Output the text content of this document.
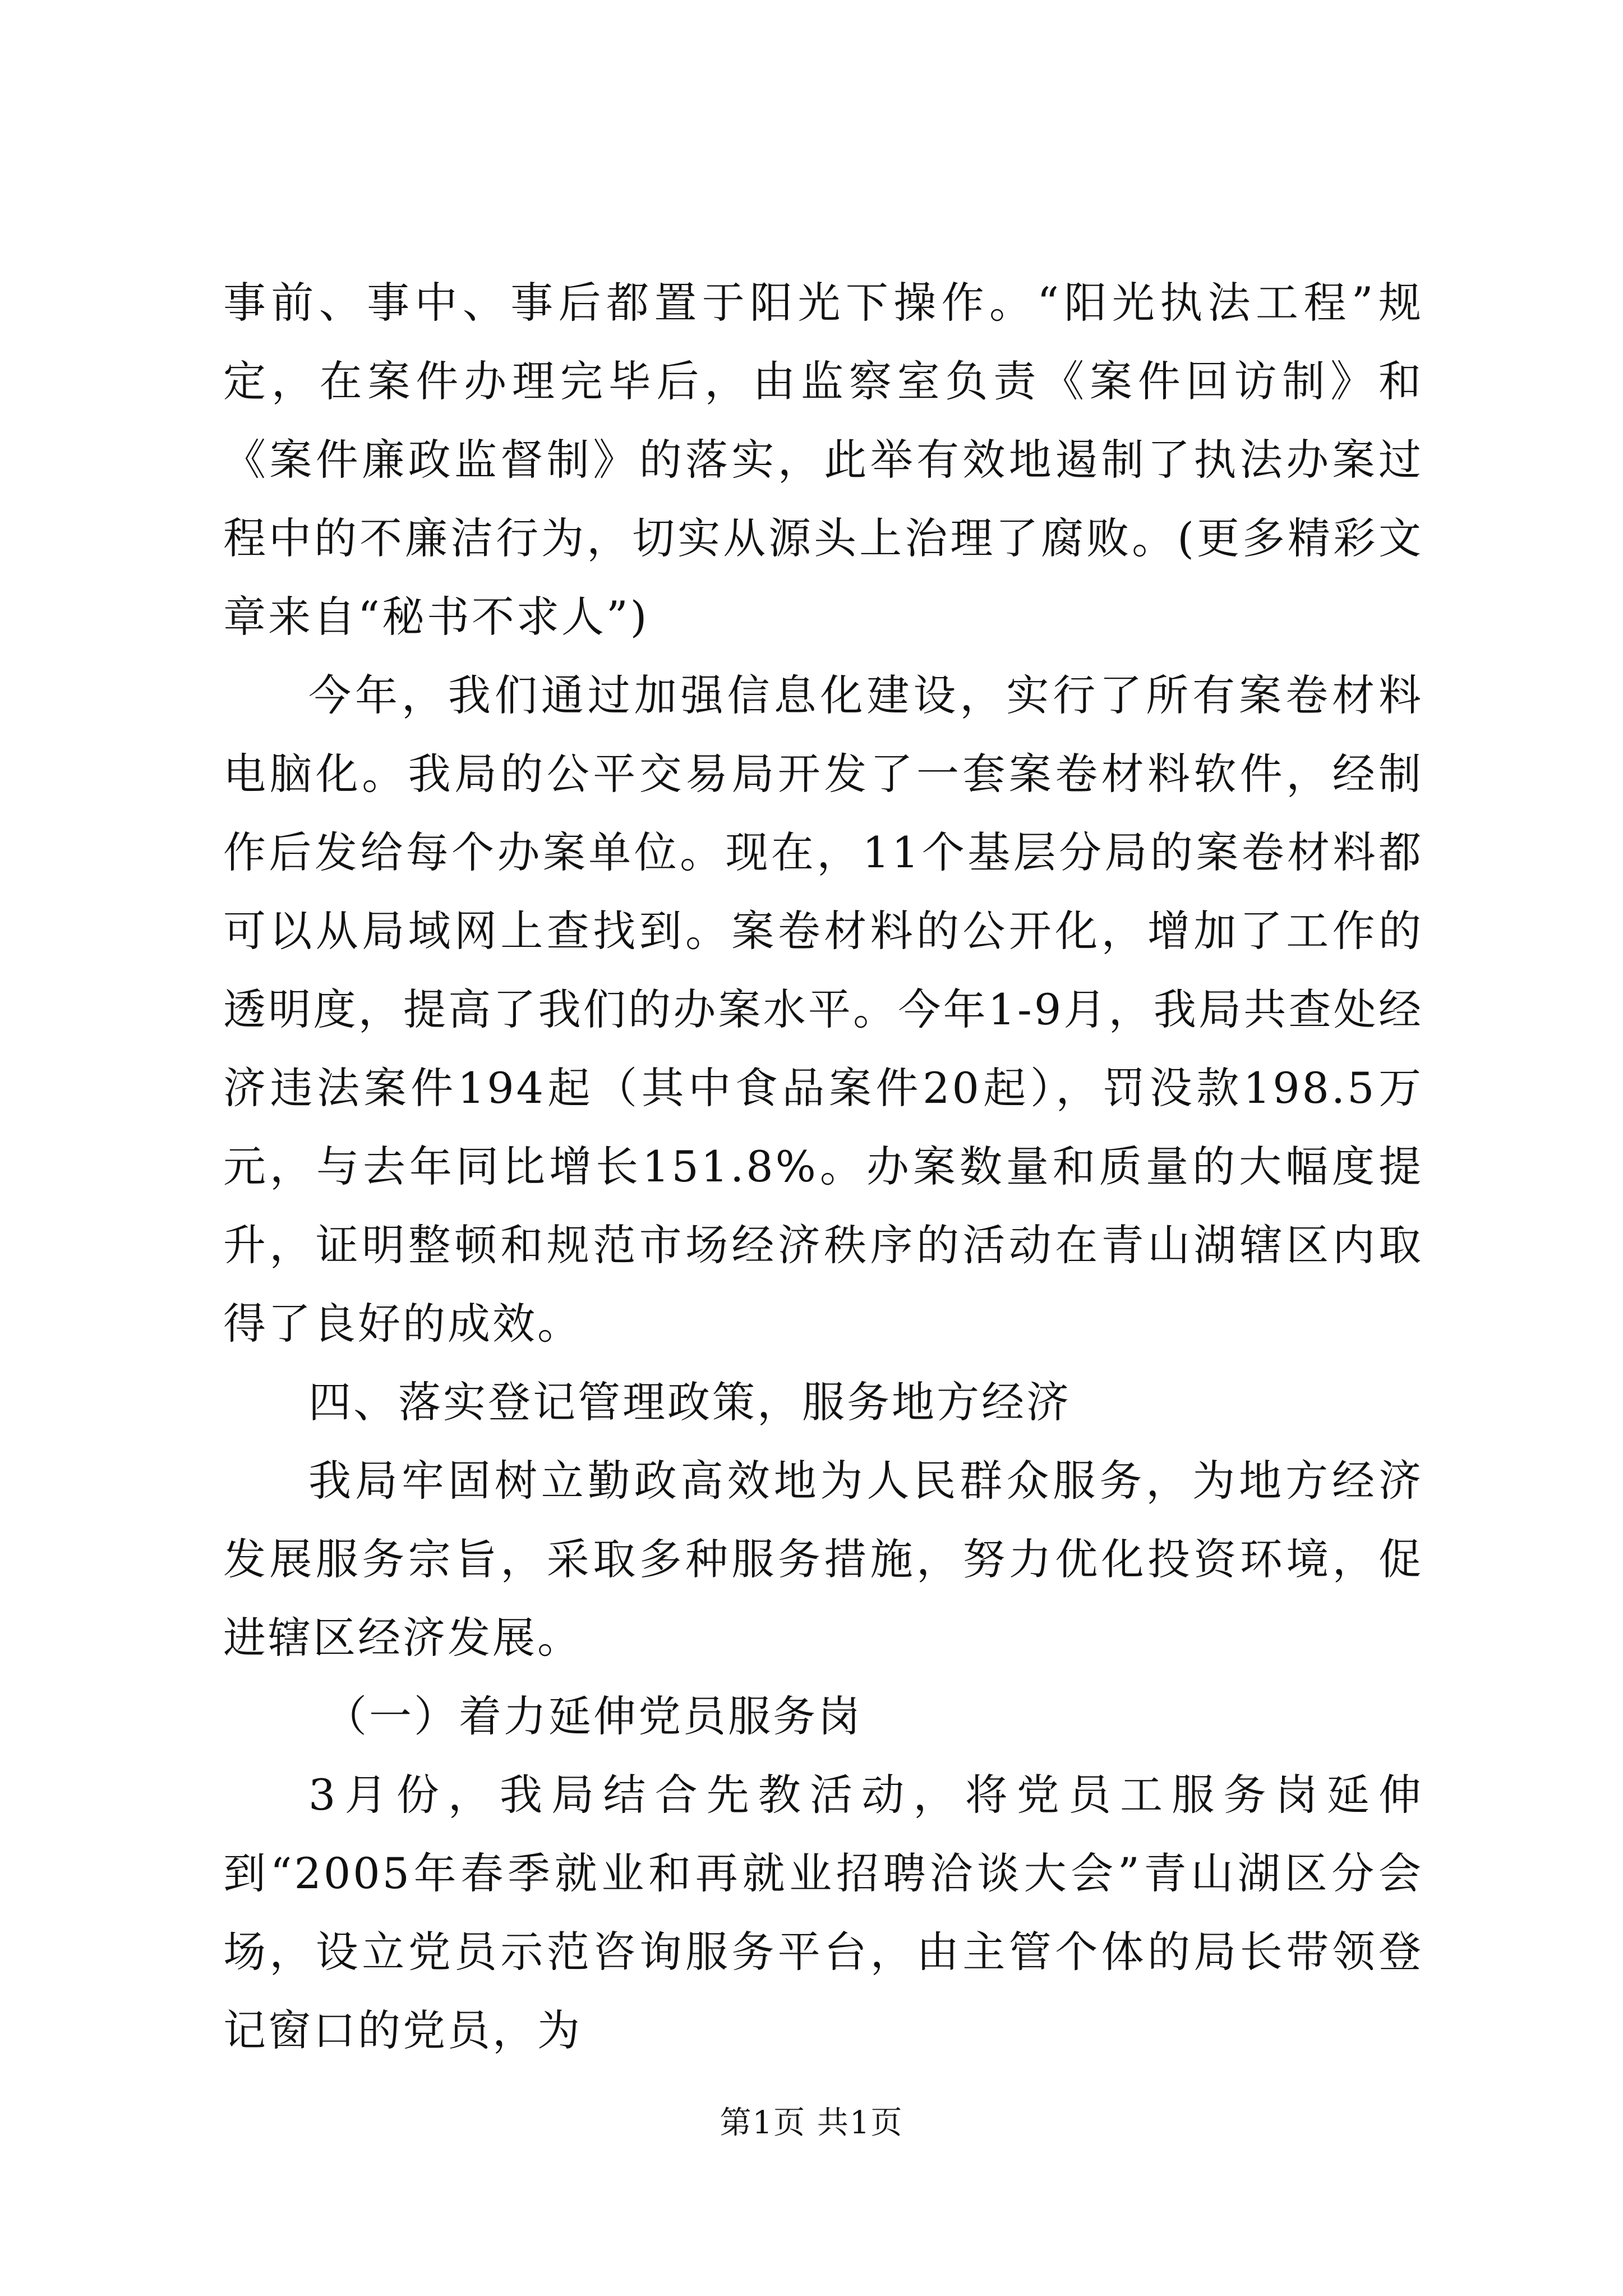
事前、事中、事后都置于阳光下操作。“阳光执法工程”规定，在案件办理完毕后，由监察室负责《案件回访制》和《案件廉政监督制》的落实，此举有效地遏制了执法办案过程中的不廉洁行为，切实从源头上治理了腐败。(更多精彩文章来自“秘书不求人”)

今年，我们通过加强信息化建设，实行了所有案卷材料电脑化。我局的公平交易局开发了一套案卷材料软件，经制作后发给每个办案单位。现在，11个基层分局的案卷材料都可以从局域网上查找到。案卷材料的公开化，增加了工作的透明度，提高了我们的办案水平。今年1-9月，我局共查处经济违法案件194起（其中食品案件20起），罚没款198.5万元，与去年同比增长151.8%。办案数量和质量的大幅度提升，证明整顿和规范市场经济秩序的活动在青山湖辖区内取得了良好的成效。

四、落实登记管理政策，服务地方经济

我局牢固树立勤政高效地为人民群众服务，为地方经济发展服务宗旨，采取多种服务措施，努力优化投资环境，促进辖区经济发展。

（一）着力延伸党员服务岗

3月份，我局结合先教活动，将党员工服务岗延伸到“2005年春季就业和再就业招聘洽谈大会”青山湖区分会场，设立党员示范咨询服务平台，由主管个体的局长带领登记窗口的党员，为

第1页 共1页
